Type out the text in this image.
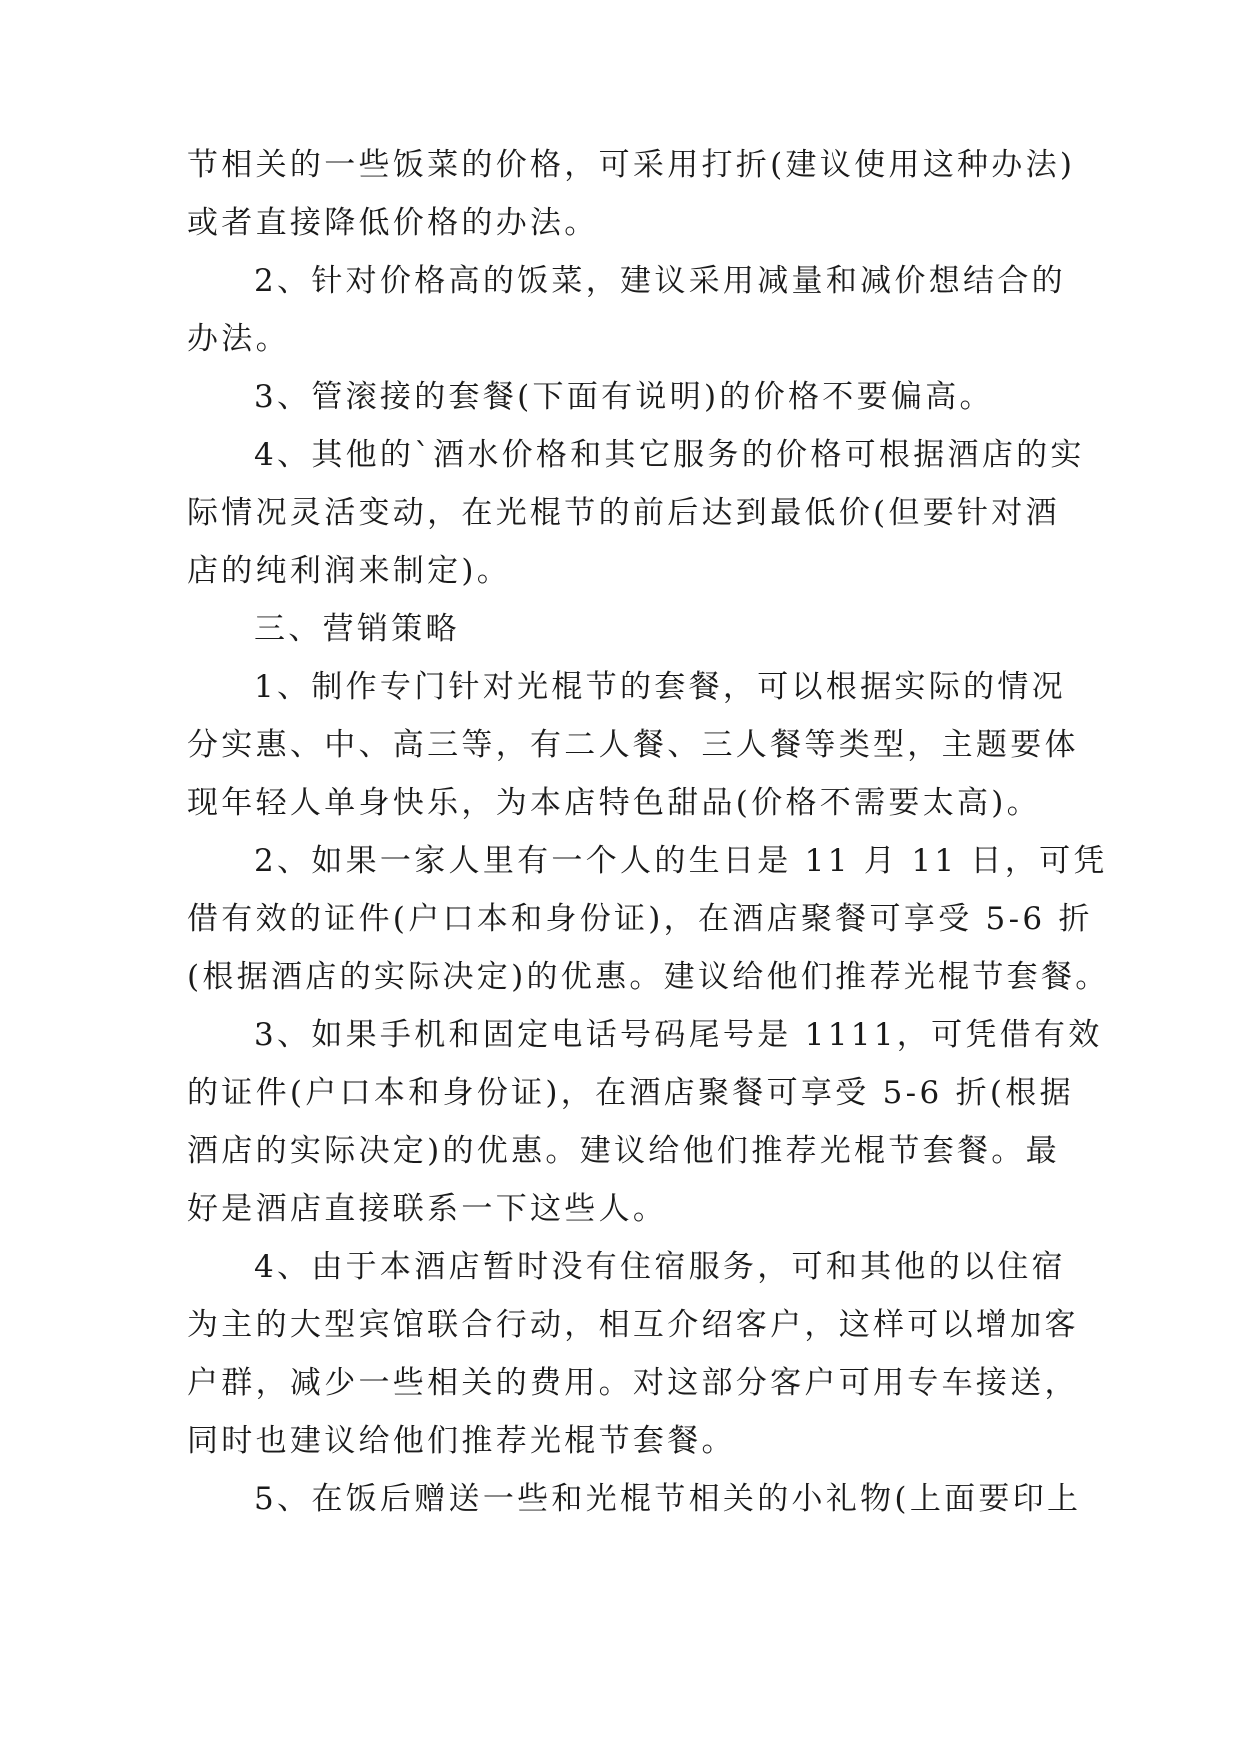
节相关的一些饭菜的价格，可采用打折(建议使用这种办法)

或者直接降低价格的办法。

2、针对价格高的饭菜，建议采用减量和减价想结合的

办法。

3、管滚接的套餐(下面有说明)的价格不要偏高。

4、其他的`酒水价格和其它服务的价格可根据酒店的实

际情况灵活变动，在光棍节的前后达到最低价(但要针对酒

店的纯利润来制定)。

三、营销策略

1、制作专门针对光棍节的套餐，可以根据实际的情况

分实惠、中、高三等，有二人餐、三人餐等类型，主题要体

现年轻人单身快乐，为本店特色甜品(价格不需要太高)。

2、如果一家人里有一个人的生日是 11 月 11 日，可凭

借有效的证件(户口本和身份证)，在酒店聚餐可享受 5-6 折

(根据酒店的实际决定)的优惠。建议给他们推荐光棍节套餐。

3、如果手机和固定电话号码尾号是 1111，可凭借有效

的证件(户口本和身份证)，在酒店聚餐可享受 5-6 折(根据

酒店的实际决定)的优惠。建议给他们推荐光棍节套餐。最

好是酒店直接联系一下这些人。

4、由于本酒店暂时没有住宿服务，可和其他的以住宿

为主的大型宾馆联合行动，相互介绍客户，这样可以增加客

户群，减少一些相关的费用。对这部分客户可用专车接送，

同时也建议给他们推荐光棍节套餐。

5、在饭后赠送一些和光棍节相关的小礼物(上面要印上
